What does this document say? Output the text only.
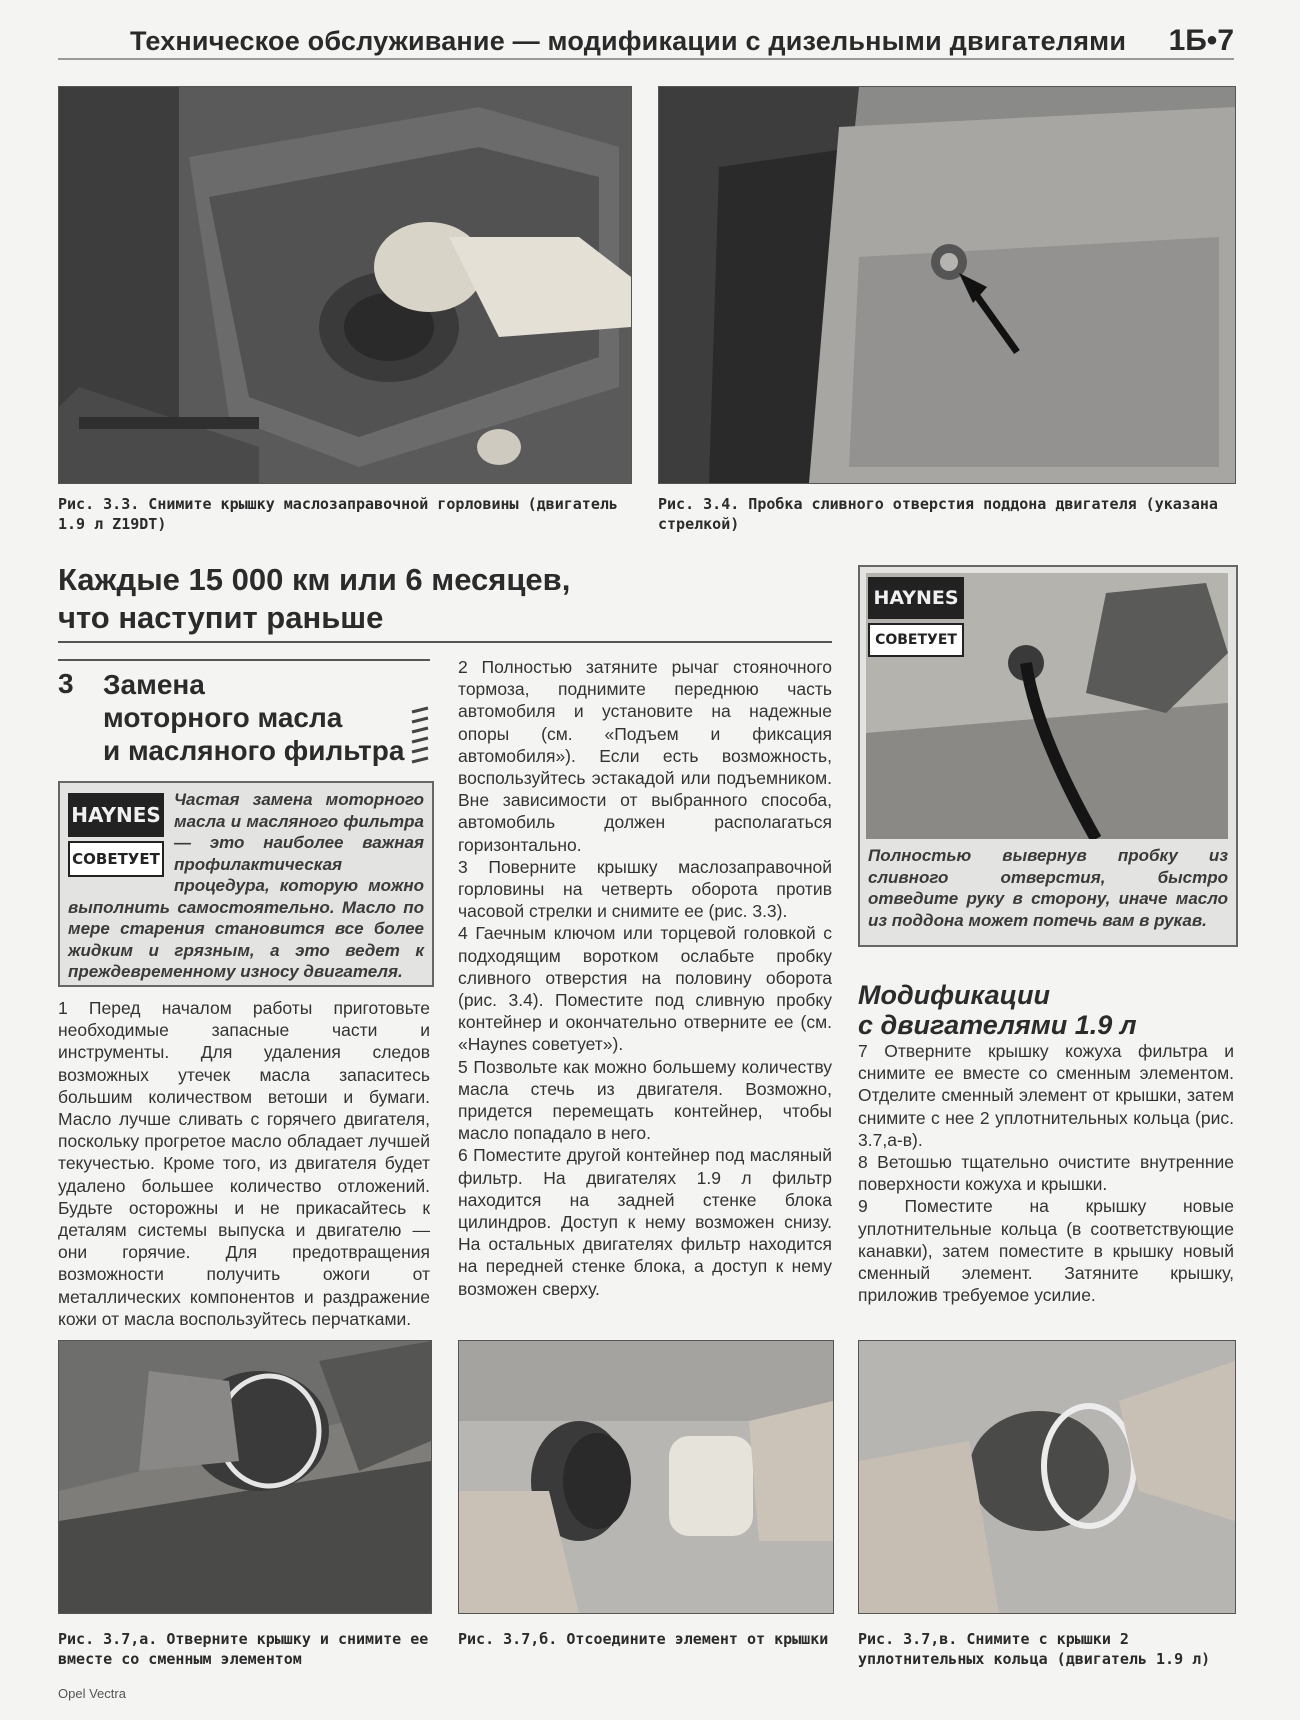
Техническое обслуживание — модификации с дизельными двигателями 1Б•7
Рис. 3.3. Снимите крышку маслозаправочной горловины (двигатель 1.9 л Z19DT)
Рис. 3.4. Пробка сливного отверстия поддона двигателя (указана стрелкой)
Каждые 15 000 км или 6 месяцев,
что наступит раньше
3 Замена
моторного масла
и масляного фильтра
HAYNES
СОВЕТУЕТ
Частая замена моторного масла и масляного фильтра — это наиболее важная профилактическая процедура, которую можно выполнить самостоятельно. Масло по мере старения становится все более жидким и грязным, а это ведет к преждевременному износу двигателя.

1 Перед началом работы приготовьте необходимые запасные части и инструменты. Для удаления следов возможных утечек масла запаситесь большим количеством ветоши и бумаги. Масло лучше сливать с горячего двигателя, поскольку прогретое масло обладает лучшей текучестью. Кроме того, из двигателя будет удалено большее количество отложений. Будьте осторожны и не прикасайтесь к деталям системы выпуска и двигателю — они горячие. Для предотвращения возможности получить ожоги от металлических компонентов и раздражение кожи от масла воспользуйтесь перчатками.

2 Полностью затяните рычаг стояночного тормоза, поднимите переднюю часть автомобиля и установите на надежные опоры (см. «Подъем и фиксация автомобиля»). Если есть возможность, воспользуйтесь эстакадой или подъемником. Вне зависимости от выбранного способа, автомобиль должен располагаться горизонтально.

3 Поверните крышку маслозаправочной горловины на четверть оборота против часовой стрелки и снимите ее (рис. 3.3).

4 Гаечным ключом или торцевой головкой с подходящим воротком ослабьте пробку сливного отверстия на половину оборота (рис. 3.4). Поместите под сливную пробку контейнер и окончательно отверните ее (см. «Haynes советует»).

5 Позвольте как можно большему количеству масла стечь из двигателя. Возможно, придется перемещать контейнер, чтобы масло попадало в него.

6 Поместите другой контейнер под масляный фильтр. На двигателях 1.9 л фильтр находится на задней стенке блока цилиндров. Доступ к нему возможен снизу. На остальных двигателях фильтр находится на передней стенке блока, а доступ к нему возможен сверху.

HAYNES
СОВЕТУЕТ
Полностью вывернув пробку из сливного отверстия, быстро отведите руку в сторону, иначе масло из поддона может потечь вам в рукав.
Модификации
с двигателями 1.9 л

7 Отверните крышку кожуха фильтра и снимите ее вместе со сменным элементом. Отделите сменный элемент от крышки, затем снимите с нее 2 уплотнительных кольца (рис. 3.7,а-в).

8 Ветошью тщательно очистите внутренние поверхности кожуха и крышки.

9 Поместите на крышку новые уплотнительные кольца (в соответствующие канавки), затем поместите в крышку новый сменный элемент. Затяните крышку, приложив требуемое усилие.

Рис. 3.7,а. Отверните крышку и снимите ее вместе со сменным элементом
Рис. 3.7,б. Отсоедините элемент от крышки Рис. 3.7,в. Снимите с крышки 2 уплотнительных кольца (двигатель 1.9 л)
Opel Vectra
